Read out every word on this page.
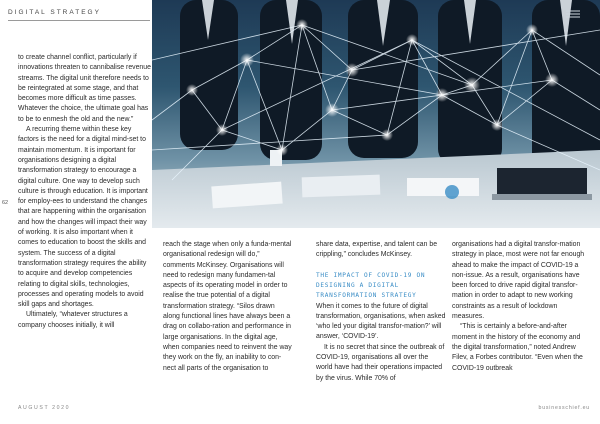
DIGITAL STRATEGY
62

to create channel conflict, particularly if innovations threaten to cannibalise revenue streams. The digital unit therefore needs to be reintegrated at some stage, and that becomes more difficult as time passes. Whatever the choice, the ultimate goal has to be to enmesh the old and the new.”

A recurring theme within these key factors is the need for a digital mind-set to maintain momentum. It is important for organisations designing a digital transformation strategy to encourage a digital culture. One way to develop such culture is through education. It is important for employ-ees to understand the changes that are happening within the organisation and how the changes will impact their way of working. It is also important when it comes to education to boost the skills and system. The success of a digital transformation strategy requires the ability to acquire and develop competencies relating to digital skills, technologies, processes and operating models to avoid skill gaps and shortages.

Ultimately, “whatever structures a company chooses initially, it will

reach the stage when only a funda-mental organisational redesign will do,” comments McKinsey. Organisations will need to redesign many fundamen-tal aspects of its operating model in order to realise the true potential of a digital transformation strategy. “Silos drawn along functional lines have always been a drag on collabo-ration and performance in large organisations. In the digital age, when companies need to reinvent the way they work on the fly, an inability to con-nect all parts of the organisation to

share data, expertise, and talent can be crippling,” concludes McKinsey.

THE IMPACT OF COVID-19 ON DESIGNING A DIGITAL TRANSFORMATION STRATEGY

When it comes to the future of digital transformation, organisations, when asked ‘who led your digital transfor-mation?’ will answer, ‘COVID-19’.

It is no secret that since the outbreak of COVID-19, organisations all over the world have had their operations impacted by the virus. While 70% of

organisations had a digital transfor-mation strategy in place, most were not far enough ahead to make the impact of COVID-19 a non-issue. As a result, organisations have been forced to drive rapid digital transfor-mation in order to adapt to new working constraints as a result of lockdown measures.

“This is certainly a before-and-after moment in the history of the economy and the digital transformation,” noted Andrew Filev, a Forbes contributor. “Even when the COVID-19 outbreak

AUGUST 2020	businesschief.eu
